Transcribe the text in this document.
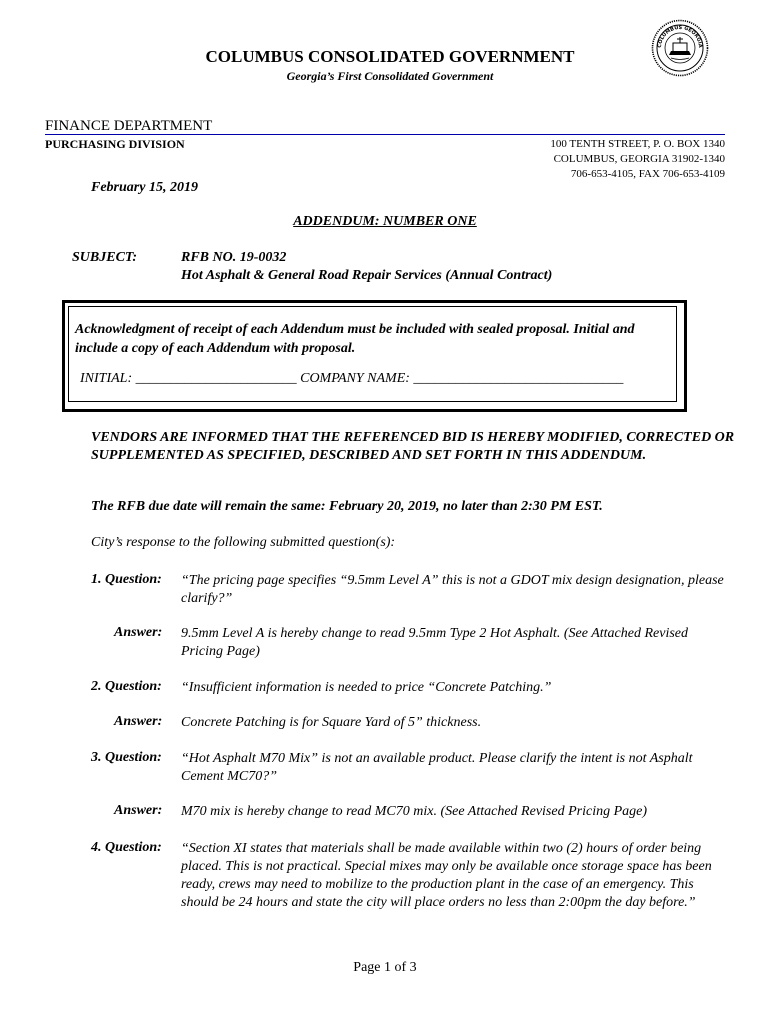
COLUMBUS CONSOLIDATED GOVERNMENT
Georgia’s First Consolidated Government
COLUMBUS GEORGIA
FINANCE DEPARTMENT
PURCHASING DIVISION	100 TENTH STREET, P. O. BOX 1340
COLUMBUS, GEORGIA 31902-1340
706-653-4105, FAX 706-653-4109
February 15, 2019
ADDENDUM: NUMBER ONE
SUBJECT:	RFB NO. 19-0032
Hot Asphalt & General Road Repair Services (Annual Contract)
Acknowledgment of receipt of each Addendum must be included with sealed proposal. Initial and include a copy of each Addendum with proposal.
INITIAL: _______________________ COMPANY NAME: ______________________________
VENDORS ARE INFORMED THAT THE REFERENCED BID IS HEREBY MODIFIED, CORRECTED OR SUPPLEMENTED AS SPECIFIED, DESCRIBED AND SET FORTH IN THIS ADDENDUM.
The RFB due date will remain the same: February 20, 2019, no later than 2:30 PM EST.
City’s response to the following submitted question(s):
1. Question:	“The pricing page specifies “9.5mm Level A” this is not a GDOT mix design designation, please clarify?”
Answer:	9.5mm Level A is hereby change to read 9.5mm Type 2 Hot Asphalt. (See Attached Revised Pricing Page)
2. Question:	“Insufficient information is needed to price “Concrete Patching.”
Answer:	Concrete Patching is for Square Yard of 5” thickness.
3. Question:	“Hot Asphalt M70 Mix” is not an available product. Please clarify the intent is not Asphalt Cement MC70?”
Answer:	M70 mix is hereby change to read MC70 mix. (See Attached Revised Pricing Page)
4. Question:	“Section XI states that materials shall be made available within two (2) hours of order being placed. This is not practical. Special mixes may only be available once storage space has been ready, crews may need to mobilize to the production plant in the case of an emergency. This should be 24 hours and state the city will place orders no less than 2:00pm the day before.”
Page 1 of 3
